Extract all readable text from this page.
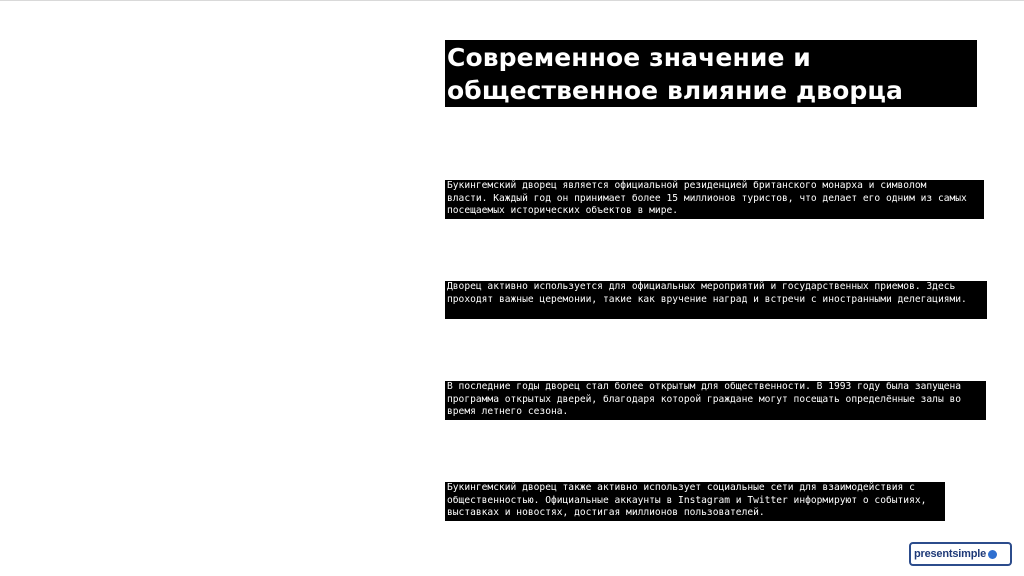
Современное значение и
общественное влияние дворца
Букингемский дворец является официальной резиденцией британского монарха и символом
власти. Каждый год он принимает более 15 миллионов туристов, что делает его одним из самых
посещаемых исторических объектов в мире.
Дворец активно используется для официальных мероприятий и государственных приемов. Здесь
проходят важные церемонии, такие как вручение наград и встречи с иностранными делегациями.
В последние годы дворец стал более открытым для общественности. В 1993 году была запущена
программа открытых дверей, благодаря которой граждане могут посещать определённые залы во
время летнего сезона.
Букингемский дворец также активно использует социальные сети для взаимодействия с
общественностью. Официальные аккаунты в Instagram и Twitter информируют о событиях,
выставках и новостях, достигая миллионов пользователей.
presentsimple
